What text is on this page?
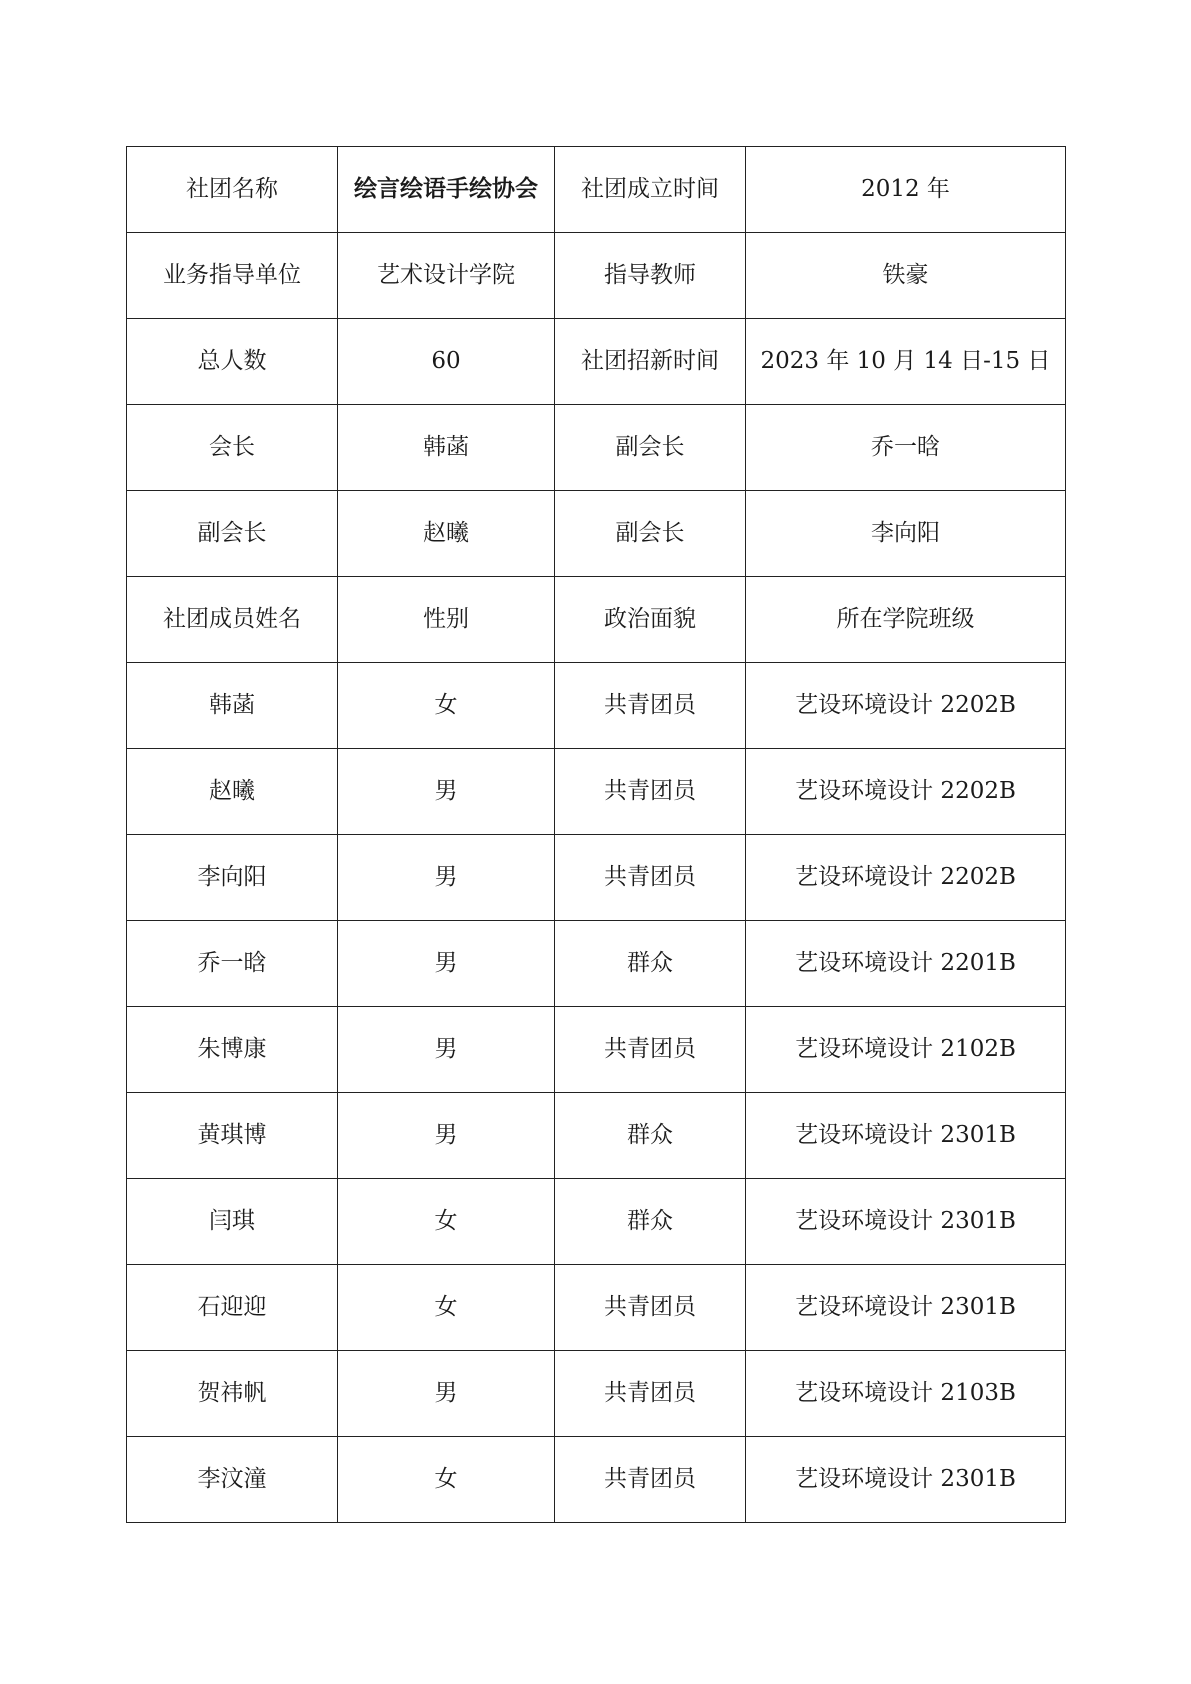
社团名称	绘言绘语手绘协会	社团成立时间	2012 年
业务指导单位	艺术设计学院	指导教师	铁豪
总人数	60	社团招新时间	2023 年 10 月 14 日-15 日
会长	韩菡	副会长	乔一晗
副会长	赵曦	副会长	李向阳
社团成员姓名	性别	政治面貌	所在学院班级
韩菡	女	共青团员	艺设环境设计 2202B
赵曦	男	共青团员	艺设环境设计 2202B
李向阳	男	共青团员	艺设环境设计 2202B
乔一晗	男	群众	艺设环境设计 2201B
朱博康	男	共青团员	艺设环境设计 2102B
黄琪博	男	群众	艺设环境设计 2301B
闫琪	女	群众	艺设环境设计 2301B
石迎迎	女	共青团员	艺设环境设计 2301B
贺祎帆	男	共青团员	艺设环境设计 2103B
李汶潼	女	共青团员	艺设环境设计 2301B
